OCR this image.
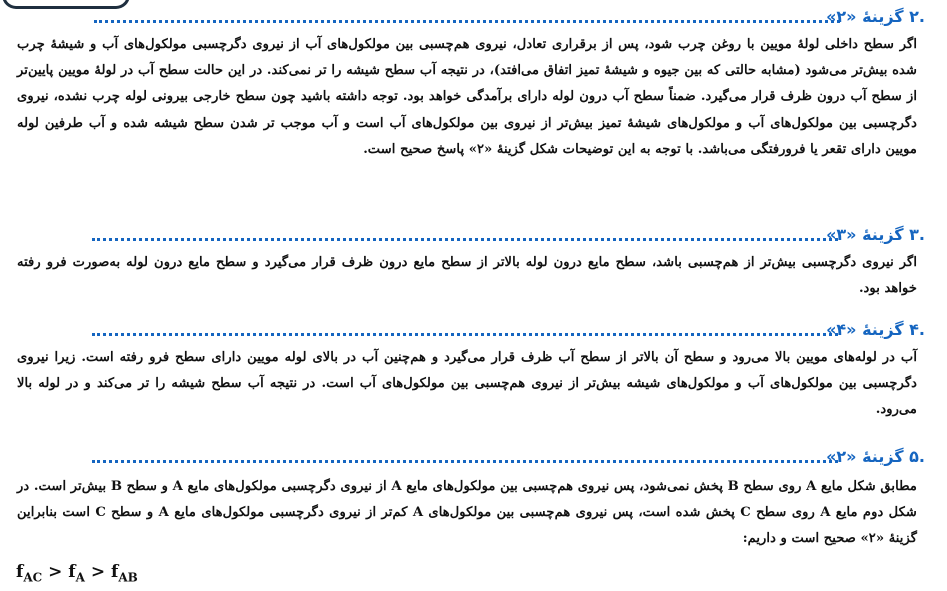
.۲ گزینهٔ «۲»
اگر سطح داخلی لولهٔ مویین با روغن چرب شود، پس از برقراری تعادل، نیروی هم‌چسبی بین مولکول‌های آب از نیروی دگرچسبی مولکول‌های آب و شیشهٔ چرب شده بیش‌تر می‌شود (مشابه حالتی که بین جیوه و شیشهٔ تمیز اتفاق می‌افتد)، در نتیجه آب سطح شیشه را تر نمی‌کند. در این حالت سطح آب در لولهٔ مویین پایین‌تر از سطح آب درون ظرف قرار می‌گیرد. ضمناً سطح آب درون لوله دارای برآمدگی خواهد بود. توجه داشته باشید چون سطح خارجی بیرونی لوله چرب نشده، نیروی دگرچسبی بین مولکول‌های آب و مولکول‌های شیشهٔ تمیز بیش‌تر از نیروی بین مولکول‌های آب است و آب موجب تر شدن سطح شیشه شده و آب طرفین لوله مویین دارای تقعر یا فرورفتگی می‌باشد. با توجه به این توضیحات شکل گزینهٔ «۲» پاسخ صحیح است.
.۳ گزینهٔ «۳»
اگر نیروی دگرچسبی بیش‌تر از هم‌چسبی باشد، سطح مایع درون لوله بالاتر از سطح مایع درون ظرف قرار می‌گیرد و سطح مایع درون لوله به‌صورت فرو رفته خواهد بود.
.۴ گزینهٔ «۴»
آب در لوله‌های مویین بالا می‌رود و سطح آن بالاتر از سطح آب ظرف قرار می‌گیرد و هم‌چنین آب در بالای لوله مویین دارای سطح فرو رفته است. زیرا نیروی دگرچسبی بین مولکول‌های آب و مولکول‌های شیشه بیش‌تر از نیروی هم‌چسبی بین مولکول‌های آب است. در نتیجه آب سطح شیشه را تر می‌کند و در لوله بالا می‌رود.
.۵ گزینهٔ «۲»
مطابق شکل مایع A روی سطح B پخش نمی‌شود، پس نیروی هم‌چسبی بین مولکول‌های مایع A از نیروی دگرچسبی مولکول‌های مایع A و سطح B بیش‌تر است. در شکل دوم مایع A روی سطح C پخش شده است، پس نیروی هم‌چسبی بین مولکول‌های A کم‌تر از نیروی دگرچسبی مولکول‌های مایع A و سطح C است بنابراین گزینهٔ «۲» صحیح است و داریم:
$f_{AC} > f_A > f_{AB}$
